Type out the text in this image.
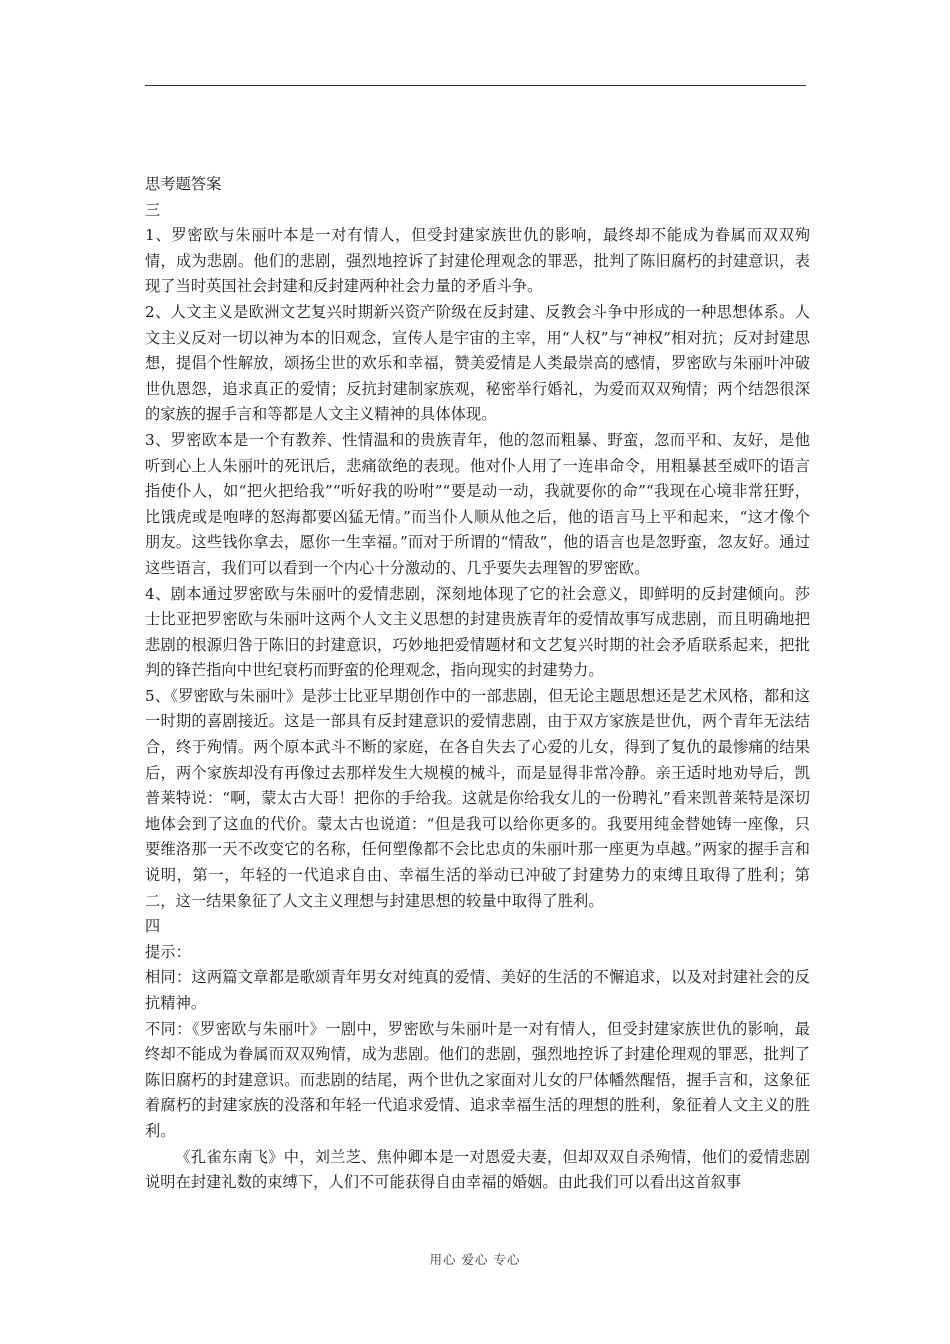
思考题答案

三

1、罗密欧与朱丽叶本是一对有情人，但受封建家族世仇的影响，最终却不能成为眷属而双双殉情，成为悲剧。他们的悲剧，强烈地控诉了封建伦理观念的罪恶，批判了陈旧腐朽的封建意识，表现了当时英国社会封建和反封建两种社会力量的矛盾斗争。

2、人文主义是欧洲文艺复兴时期新兴资产阶级在反封建、反教会斗争中形成的一种思想体系。人文主义反对一切以神为本的旧观念，宣传人是宇宙的主宰，用“人权”与“神权”相对抗；反对封建思想，提倡个性解放，颂扬尘世的欢乐和幸福，赞美爱情是人类最崇高的感情，罗密欧与朱丽叶冲破世仇恩怨，追求真正的爱情；反抗封建制家族观，秘密举行婚礼，为爱而双双殉情；两个结怨很深的家族的握手言和等都是人文主义精神的具体体现。

3、罗密欧本是一个有教养、性情温和的贵族青年，他的忽而粗暴、野蛮，忽而平和、友好，是他听到心上人朱丽叶的死讯后，悲痛欲绝的表现。他对仆人用了一连串命令，用粗暴甚至威吓的语言指使仆人，如“把火把给我”“听好我的吩咐”“要是动一动，我就要你的命”“我现在心境非常狂野，比饿虎或是咆哮的怒海都要凶猛无情。”而当仆人顺从他之后，他的语言马上平和起来，“这才像个朋友。这些钱你拿去，愿你一生幸福。”而对于所谓的“情敌”，他的语言也是忽野蛮，忽友好。通过这些语言，我们可以看到一个内心十分激动的、几乎要失去理智的罗密欧。

4、剧本通过罗密欧与朱丽叶的爱情悲剧，深刻地体现了它的社会意义，即鲜明的反封建倾向。莎士比亚把罗密欧与朱丽叶这两个人文主义思想的封建贵族青年的爱情故事写成悲剧，而且明确地把悲剧的根源归咎于陈旧的封建意识，巧妙地把爱情题材和文艺复兴时期的社会矛盾联系起来，把批判的锋芒指向中世纪衰朽而野蛮的伦理观念，指向现实的封建势力。

5、《罗密欧与朱丽叶》是莎士比亚早期创作中的一部悲剧，但无论主题思想还是艺术风格，都和这一时期的喜剧接近。这是一部具有反封建意识的爱情悲剧，由于双方家族是世仇，两个青年无法结合，终于殉情。两个原本武斗不断的家庭，在各自失去了心爱的儿女，得到了复仇的最惨痛的结果后，两个家族却没有再像过去那样发生大规模的械斗，而是显得非常冷静。亲王适时地劝导后，凯普莱特说：“啊，蒙太古大哥！把你的手给我。这就是你给我女儿的一份聘礼”看来凯普莱特是深切地体会到了这血的代价。蒙太古也说道：“但是我可以给你更多的。我要用纯金替她铸一座像，只要维洛那一天不改变它的名称，任何塑像都不会比忠贞的朱丽叶那一座更为卓越。”两家的握手言和说明，第一，年轻的一代追求自由、幸福生活的举动已冲破了封建势力的束缚且取得了胜利；第二，这一结果象征了人文主义理想与封建思想的较量中取得了胜利。

四

提示：

相同：这两篇文章都是歌颂青年男女对纯真的爱情、美好的生活的不懈追求，以及对封建社会的反抗精神。

不同：《罗密欧与朱丽叶》一剧中，罗密欧与朱丽叶是一对有情人，但受封建家族世仇的影响，最终却不能成为眷属而双双殉情，成为悲剧。他们的悲剧，强烈地控诉了封建伦理观的罪恶，批判了陈旧腐朽的封建意识。而悲剧的结尾，两个世仇之家面对儿女的尸体幡然醒悟，握手言和，这象征着腐朽的封建家族的没落和年轻一代追求爱情、追求幸福生活的理想的胜利，象征着人文主义的胜利。

《孔雀东南飞》中，刘兰芝、焦仲卿本是一对恩爱夫妻，但却双双自杀殉情，他们的爱情悲剧说明在封建礼数的束缚下，人们不可能获得自由幸福的婚姻。由此我们可以看出这首叙事

用心 爱心 专心
